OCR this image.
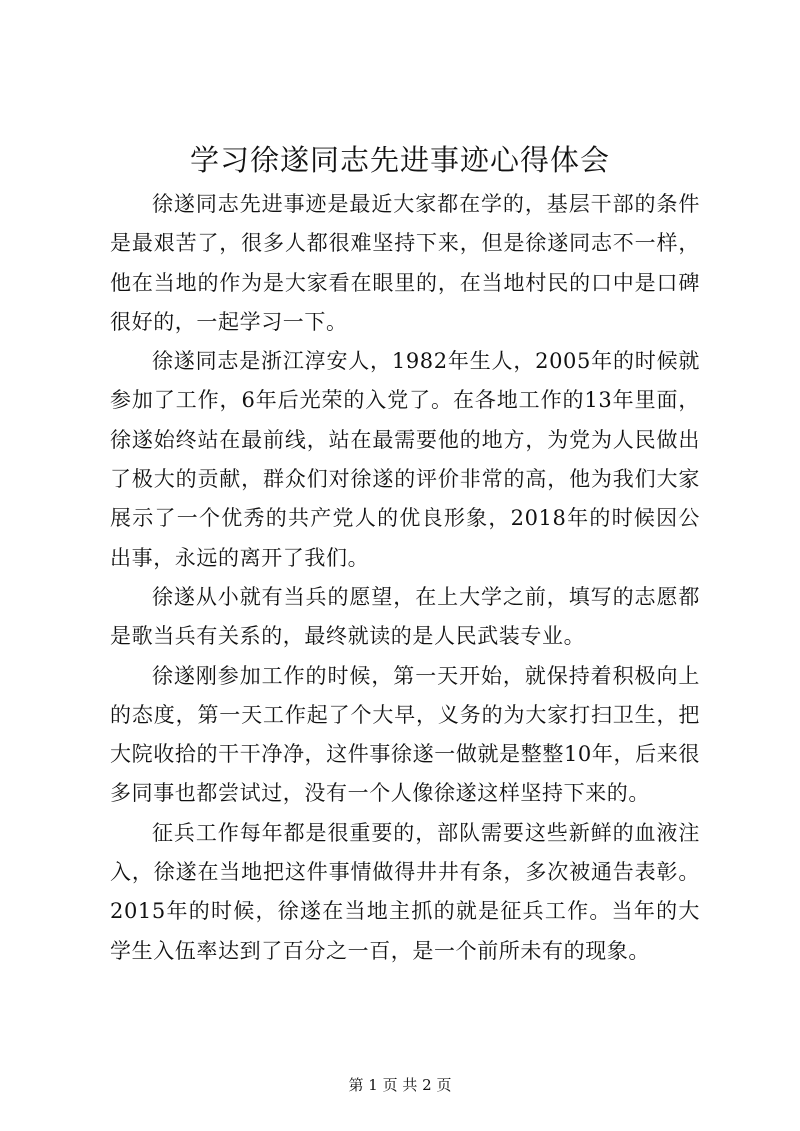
学习徐遂同志先进事迹心得体会

徐遂同志先进事迹是最近大家都在学的，基层干部的条件是最艰苦了，很多人都很难坚持下来，但是徐遂同志不一样，他在当地的作为是大家看在眼里的，在当地村民的口中是口碑很好的，一起学习一下。

徐遂同志是浙江淳安人，1982年生人，2005年的时候就参加了工作，6年后光荣的入党了。在各地工作的13年里面，徐遂始终站在最前线，站在最需要他的地方，为党为人民做出了极大的贡献，群众们对徐遂的评价非常的高，他为我们大家展示了一个优秀的共产党人的优良形象，2018年的时候因公出事，永远的离开了我们。

徐遂从小就有当兵的愿望，在上大学之前，填写的志愿都是歌当兵有关系的，最终就读的是人民武装专业。

徐遂刚参加工作的时候，第一天开始，就保持着积极向上的态度，第一天工作起了个大早，义务的为大家打扫卫生，把大院收拾的干干净净，这件事徐遂一做就是整整10年，后来很多同事也都尝试过，没有一个人像徐遂这样坚持下来的。

征兵工作每年都是很重要的，部队需要这些新鲜的血液注入，徐遂在当地把这件事情做得井井有条，多次被通告表彰。2015年的时候，徐遂在当地主抓的就是征兵工作。当年的大学生入伍率达到了百分之一百，是一个前所未有的现象。

第 1 页 共 2 页
